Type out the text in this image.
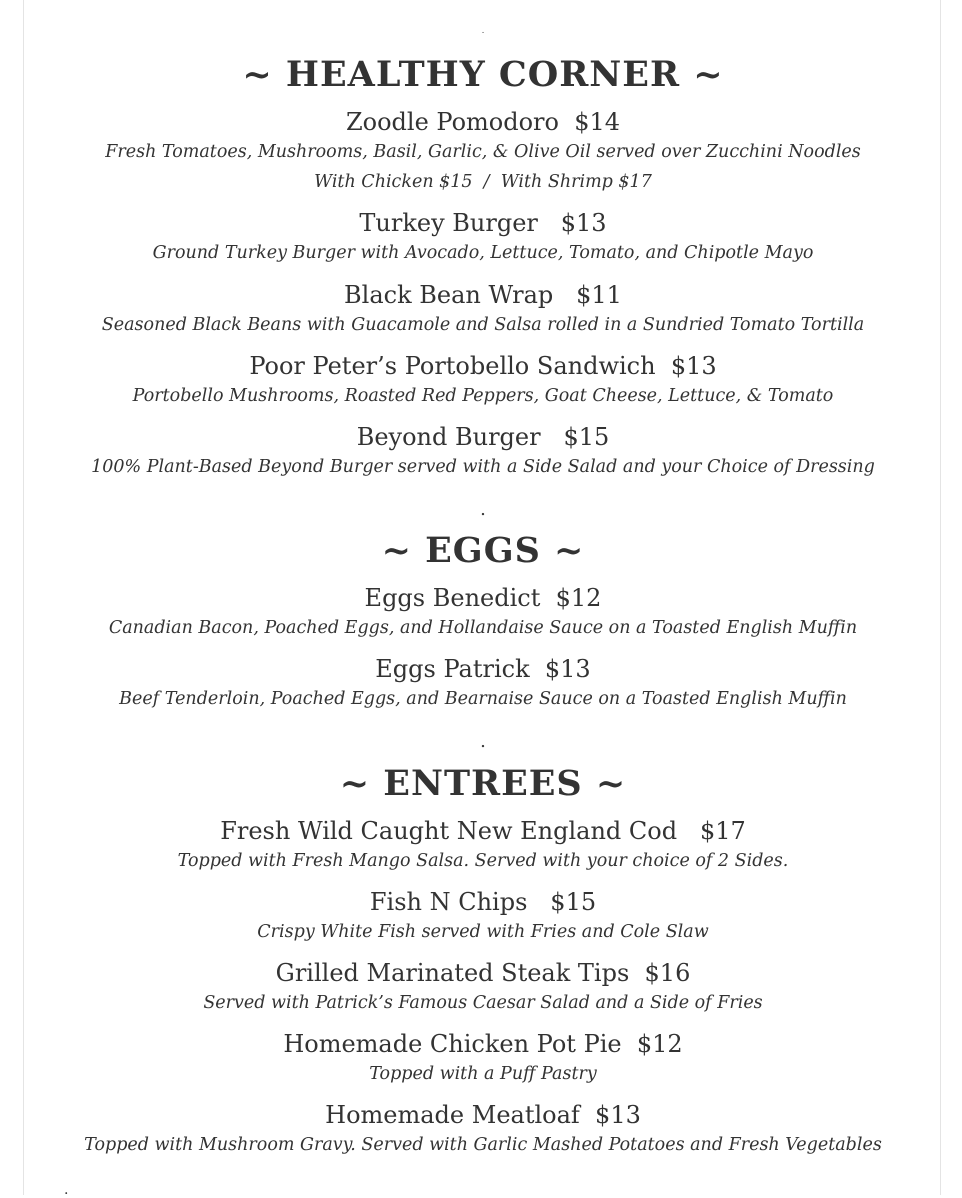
.
~ HEALTHY CORNER ~
Zoodle Pomodoro  $14
Fresh Tomatoes, Mushrooms, Basil, Garlic, & Olive Oil served over Zucchini Noodles
With Chicken $15  /  With Shrimp $17
Turkey Burger   $13
Ground Turkey Burger with Avocado, Lettuce, Tomato, and Chipotle Mayo
Black Bean Wrap   $11
Seasoned Black Beans with Guacamole and Salsa rolled in a Sundried Tomato Tortilla
Poor Peter’s Portobello Sandwich  $13
Portobello Mushrooms, Roasted Red Peppers, Goat Cheese, Lettuce, & Tomato
Beyond Burger   $15
100% Plant-Based Beyond Burger served with a Side Salad and your Choice of Dressing
.
~ EGGS ~
Eggs Benedict  $12
Canadian Bacon, Poached Eggs, and Hollandaise Sauce on a Toasted English Muffin
Eggs Patrick  $13
Beef Tenderloin, Poached Eggs, and Bearnaise Sauce on a Toasted English Muffin
.
~ ENTREES ~
Fresh Wild Caught New England Cod   $17
Topped with Fresh Mango Salsa. Served with your choice of 2 Sides.
Fish N Chips   $15
Crispy White Fish served with Fries and Cole Slaw
Grilled Marinated Steak Tips  $16
Served with Patrick’s Famous Caesar Salad and a Side of Fries
Homemade Chicken Pot Pie  $12
Topped with a Puff Pastry
Homemade Meatloaf  $13
Topped with Mushroom Gravy. Served with Garlic Mashed Potatoes and Fresh Vegetables
.
